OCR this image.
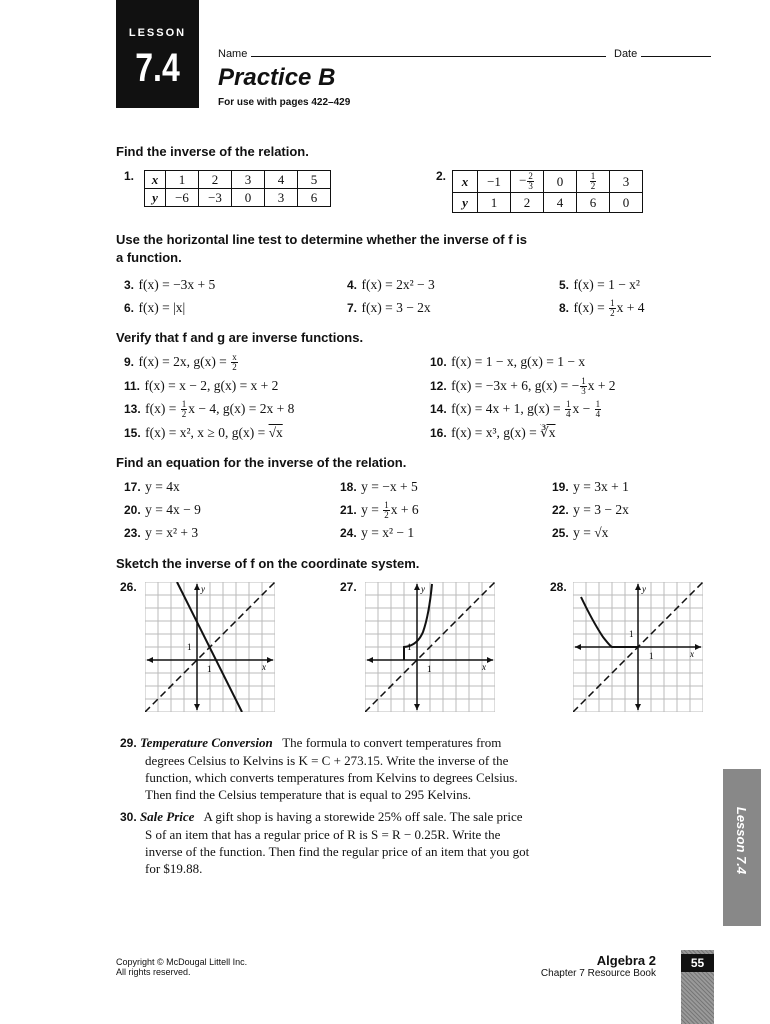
LESSON
7.4	Name	Date
Practice B
For use with pages 422–429
Find the inverse of the relation.
1. x	1	2	3	4	5
y	−6	−3	0	3	6
2. x	−1	− $\frac{2}{3}$	0	$\frac{1}{2}$	3
y	1	2	4	6	0
Use the horizontal line test to determine whether the inverse of f is
a function.
3. f(x) = −3x + 5	4. f(x) = 2x² − 3	5. f(x) = 1 − x²
6. f(x) = |x|	7. f(x) = 3 − 2x	8. $f(x) = \frac{1}{2}$ x + 4
Verify that f and g are inverse functions.
9. f(x) = 2x, $g(x) = \frac{x}{2}$	10. f(x) = 1 − x, g(x) = 1 − x
11. f(x) = x − 2, g(x) = x + 2	12. f(x) = −3x + 6, g(x) = − $\frac{1}{3}$ x + 2
13. $f(x) = \frac{1}{2}$ x − 4, g(x) = 2x + 8	14. f(x) = 4x + 1, $g(x) = \frac{1}{4}$ $x - \frac{1}{4}$
15. f(x) = x², x ≥ 0, g(x) = √x	16. f(x) = x³, g(x) = ∛x
Find an equation for the inverse of the relation.
17. y = 4x	18. y = −x + 5	19. y = 3x + 1
20. y = 4x − 9	21. $y = \frac{1}{2}$ x + 6	22. y = 3 − 2x
23. y = x² + 3	24. y = x² − 1	25. y = √x
Sketch the inverse of f on the coordinate system.
26.	27.	28.
y
x
1
1
y
x
1
1
y
x
1
1
29. Temperature Conversion The formula to convert temperatures from
degrees Celsius to Kelvins is K = C + 273.15. Write the inverse of the
function, which converts temperatures from Kelvins to degrees Celsius.
Then find the Celsius temperature that is equal to 295 Kelvins.
30. Sale Price A gift shop is having a storewide 25% off sale. The sale price
S of an item that has a regular price of R is S = R − 0.25R. Write the
inverse of the function. Then find the regular price of an item that you got
for $19.88.	Lesson 7.4
Copyright © McDougal Littell Inc.
All rights reserved.
Algebra 2
Chapter 7 Resource Book
55
